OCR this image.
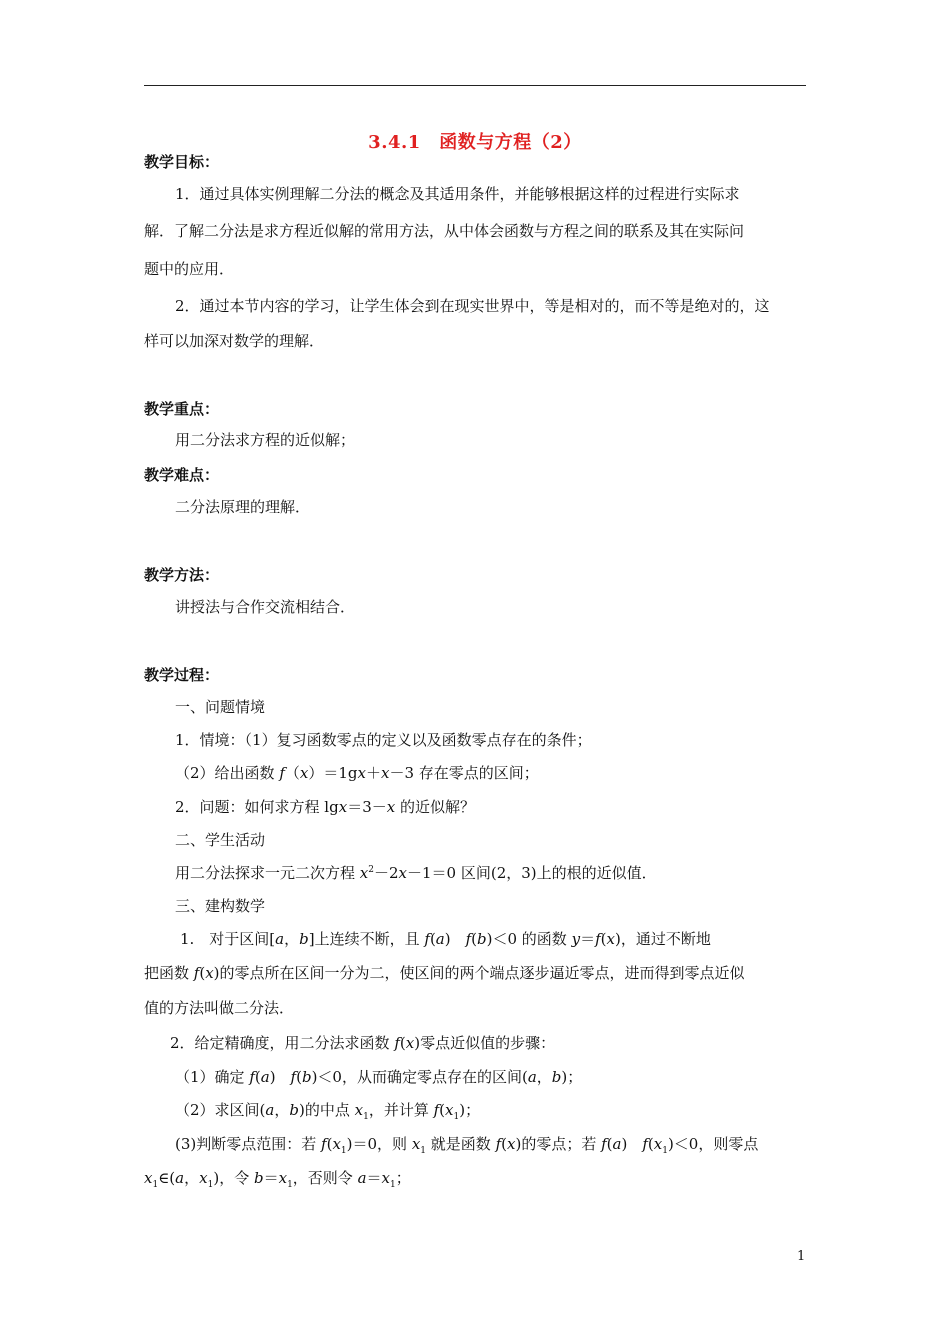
3.4.1　函数与方程（2）
教学目标：
1．通过具体实例理解二分法的概念及其适用条件，并能够根据这样的过程进行实际求
解．了解二分法是求方程近似解的常用方法，从中体会函数与方程之间的联系及其在实际问
题中的应用．
2．通过本节内容的学习，让学生体会到在现实世界中，等是相对的，而不等是绝对的，这
样可以加深对数学的理解．
教学重点：
用二分法求方程的近似解；
教学难点：
二分法原理的理解．
教学方法：
讲授法与合作交流相结合．
教学过程：
一、问题情境
1．情境：（1）复习函数零点的定义以及函数零点存在的条件；
（2）给出函数 f（x）＝1gx＋x－3 存在零点的区间；
2．问题：如何求方程 lgx＝3－x 的近似解？
二、学生活动
用二分法探求一元二次方程 $x^2-2x-1=0$ 区间(2，3)上的根的近似值．
三、建构数学
1.　对于区间[a，b]上连续不断，且 f(a)　f(b)＜0 的函数 y＝f(x)，通过不断地
把函数 f(x)的零点所在区间一分为二，使区间的两个端点逐步逼近零点，进而得到零点近似
值的方法叫做二分法．
2．给定精确度，用二分法求函数 f(x)零点近似值的步骤：
（1）确定 f(a)　f(b)＜0，从而确定零点存在的区间(a，b)；
（2）求区间(a，b)的中点 $x_1$，并计算 $f(x_1)$；
(3)判断零点范围：若 $f(x_1)=0$，则 $x_1$ 就是函数 f(x)的零点；若 f(a)　$f(x_1)<0$，则零点
$x_1\in(a$，$x_1$)，令 $b=x_1$，否则令 $a=x_1$；
1
